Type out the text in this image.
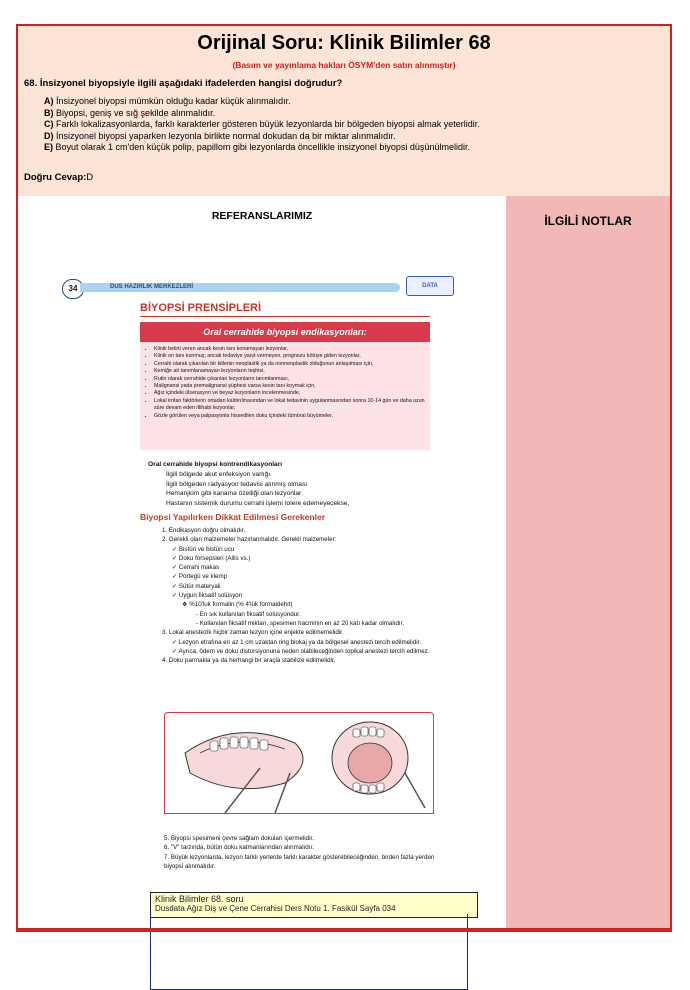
Orijinal Soru: Klinik Bilimler 68
(Basım ve yayınlama hakları ÖSYM'den satın alınmıştır)
68. İnsizyonel biyopsiyle ilgili aşağıdaki ifadelerden hangisi doğrudur?
A) İnsizyonel biyopsi mümkün olduğu kadar küçük alınmalıdır.
B) Biyopsi, geniş ve sığ şekilde alınmalıdır.
C) Farklı lokalizasyonlarda, farklı karakterler gösteren büyük lezyonlarda bir bölgeden biyopsi almak yeterlidir.
D) İnsizyonel biyopsi yaparken lezyonla birlikte normal dokudan da bir miktar alınmalıdır.
E) Boyut olarak 1 cm'den küçük polip, papillom gibi lezyonlarda öncellikle insizyonel biyopsi düşünülmelidir.
Doğru Cevap:D
REFERANSLARIMIZ
34	DUS HAZIRLIK MERKEZLERİ	DATA
BİYOPSİ PRENSİPLERİ
Oral cerrahide biyopsi endikasyonları:
• Klinik belirti veren ancak kesin tanı konamayan lezyonlar,
• Klinik on tanı konmuş; ancak tedaviye yanıt vermeyen, prognozu kötüye giden lezyonlar,
• Cerrahi olarak çıkarılan bir kitlenin neoplastik ya da nonneoplastik olduğunun anlaşılması için,
• Kemiğe ait tanımlanamayan lezyonların teşhisi,
• Rutin olarak cerrahide çıkarılan lezyonların tanımlanması,
• Malignansi yada premalignansi şüphesi varsa kesin tanı koymak için,
• Ağız içindeki ülserasyon ve beyaz lezyonların incelenmesinde,
• Lokal irritan faktörlerin ortadan kaldırılmasından ve lokal tedavinin uygulanmasından sonra 10-14 gün ve daha uzun süre devam eden iltihabi lezyonlar,
• Gözle görülen veya palpasyonla hissedilen doku içindeki tümöral büyümeler,
Oral cerrahide biyopsi kontrendikasyonları
İlgili bölgede akut enfeksiyon varlığı
İlgili bölgeden radyasyon tedavisi alınmış olması
Hemanjiom gibi kanama özelliği olan lezyonlar
Hastanın sistemik durumu cerrahi işlemi tolere edemeyecekse,
Biyopsi Yapılırken Dikkat Edilmesi Gerekenler
1. Endikasyon doğru olmalıdır.
2. Gerekli olan malzemeler hazırlanmalıdır. Gerekli malzemeler:
✓ Bistüri ve bistüri ucu
✓ Doku forsepsleri (Allis vs.)
✓ Cerrahi makas
✓ Portegü ve klemp
✓ Sütür materyali
✓ Uygun fiksatif solüsyon
❖ %10'luk formalin (% 4'lük formaldehit)
- En sık kullanılan fiksatif solüsyondur.
- Kullanılan fiksatif miktarı, spesimen hacminin en az 20 katı kadar olmalıdır.
3. Lokal anestezik hiçbir zaman lezyon içine enjekte edilmemelidir.
✓ Lezyon etrafına en az 1 cm uzaktan ring blokaj ya da bölgesel anestezi tercih edilmelidir.
✓ Ayrıca, ödem ve doku distorsiyonuna neden olabileceğinden topikal anestezi tercih edilmez.
4. Doku parmakla ya da herhangi bir araçla stabilize edilmelidir.
5. Biyopsi spesimeni çevre sağlam dokuları içermelidir.
6. "V" tarzında, bütün doku katmanlarından alınmalıdır.
7. Büyük lezyonlarda, lezyon farklı yerlerde farklı karakter gösterebileceğinden, birden fazla yerden biyopsi alınmalıdır.
Klinik Bilimler 68. soru
Dusdata Ağız Diş ve Çene Cerrahisi Ders Notu 1. Fasikül Sayfa 034
İLGİLİ NOTLAR
